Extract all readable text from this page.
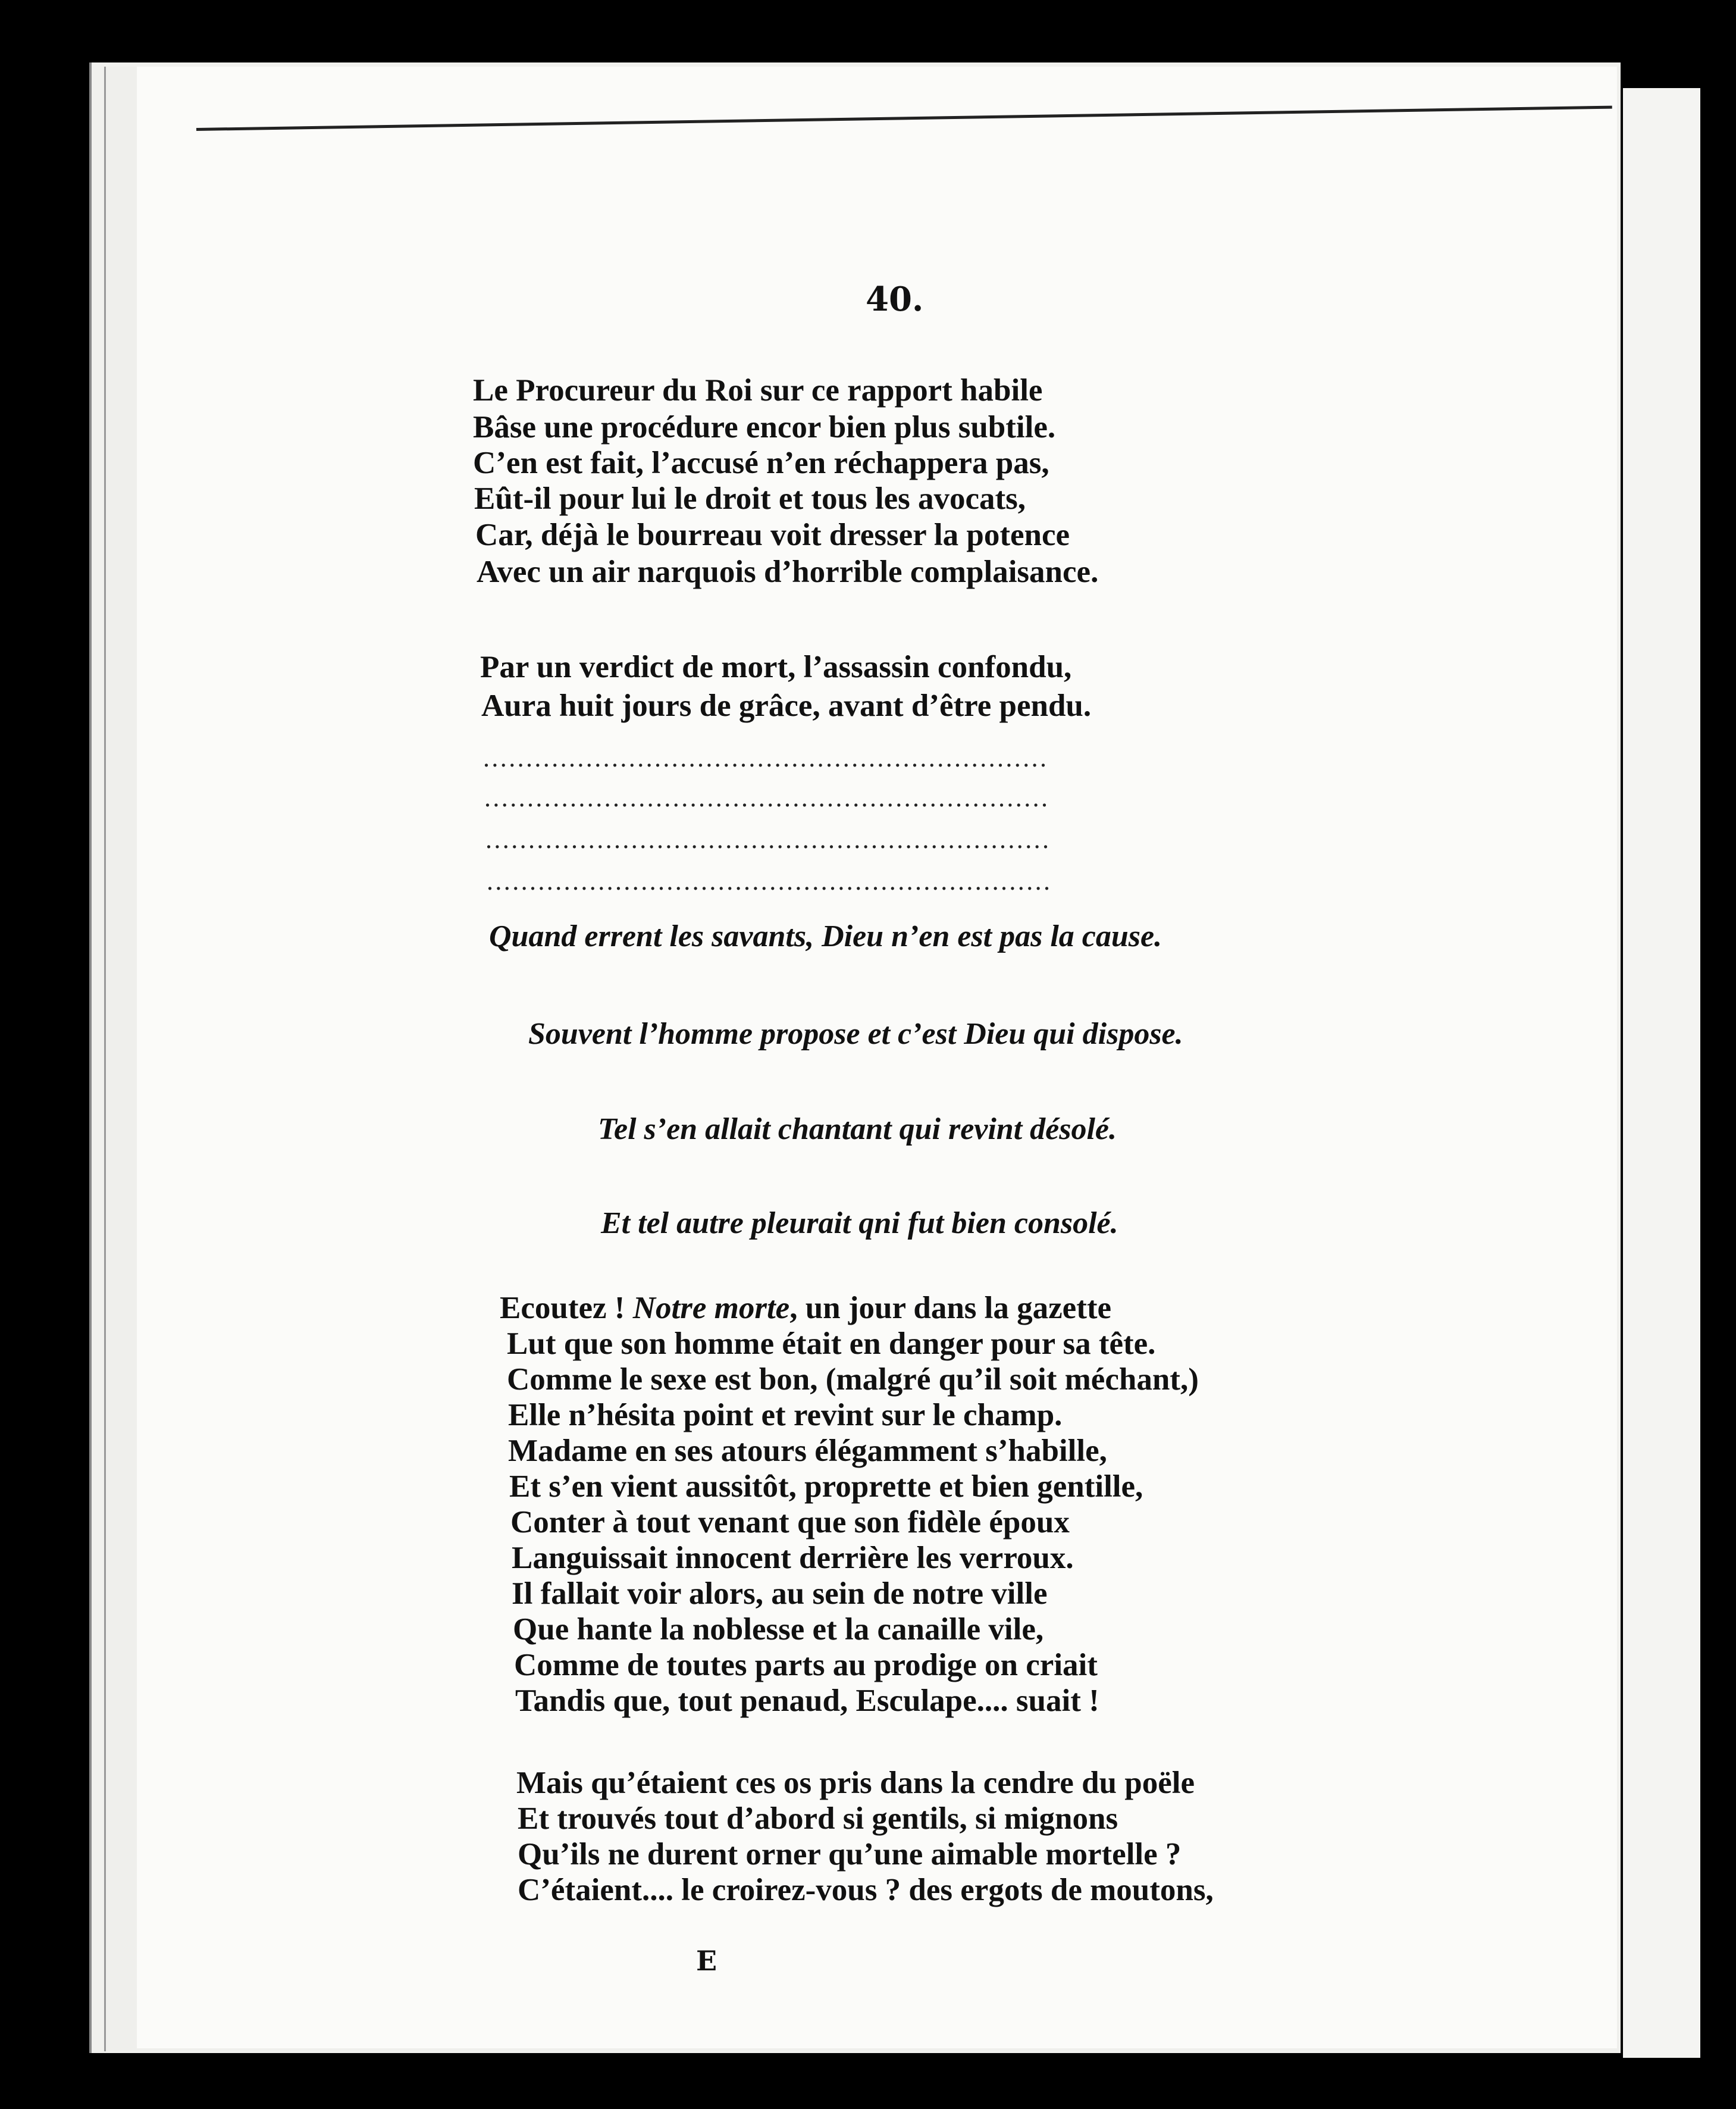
40.
Le Procureur du Roi sur ce rapport habile
Bâse une procédure encor bien plus subtile.
C’en est fait, l’accusé n’en réchappera pas,
Eût-il pour lui le droit et tous les avocats,
Car, déjà le bourreau voit dresser la potence
Avec un air narquois d’horrible complaisance.
Par un verdict de mort, l’assassin confondu,
Aura huit jours de grâce, avant d’être pendu.
..................................................................
..................................................................
..................................................................
..................................................................
Quand errent les savants, Dieu n’en est pas la cause.
Souvent l’homme propose et c’est Dieu qui dispose.
Tel s’en allait chantant qui revint désolé.
Et tel autre pleurait qni fut bien consolé.
Ecoutez ! Notre morte, un jour dans la gazette
Lut que son homme était en danger pour sa tête.
Comme le sexe est bon, (malgré qu’il soit méchant,)
Elle n’hésita point et revint sur le champ.
Madame en ses atours élégamment s’habille,
Et s’en vient aussitôt, proprette et bien gentille,
Conter à tout venant que son fidèle époux
Languissait innocent derrière les verroux.
Il fallait voir alors, au sein de notre ville
Que hante la noblesse et la canaille vile,
Comme de toutes parts au prodige on criait
Tandis que, tout penaud, Esculape.... suait !
Mais qu’étaient ces os pris dans la cendre du poële
Et trouvés tout d’abord si gentils, si mignons
Qu’ils ne durent orner qu’une aimable mortelle ?
C’étaient.... le croirez-vous ? des ergots de moutons,
E
